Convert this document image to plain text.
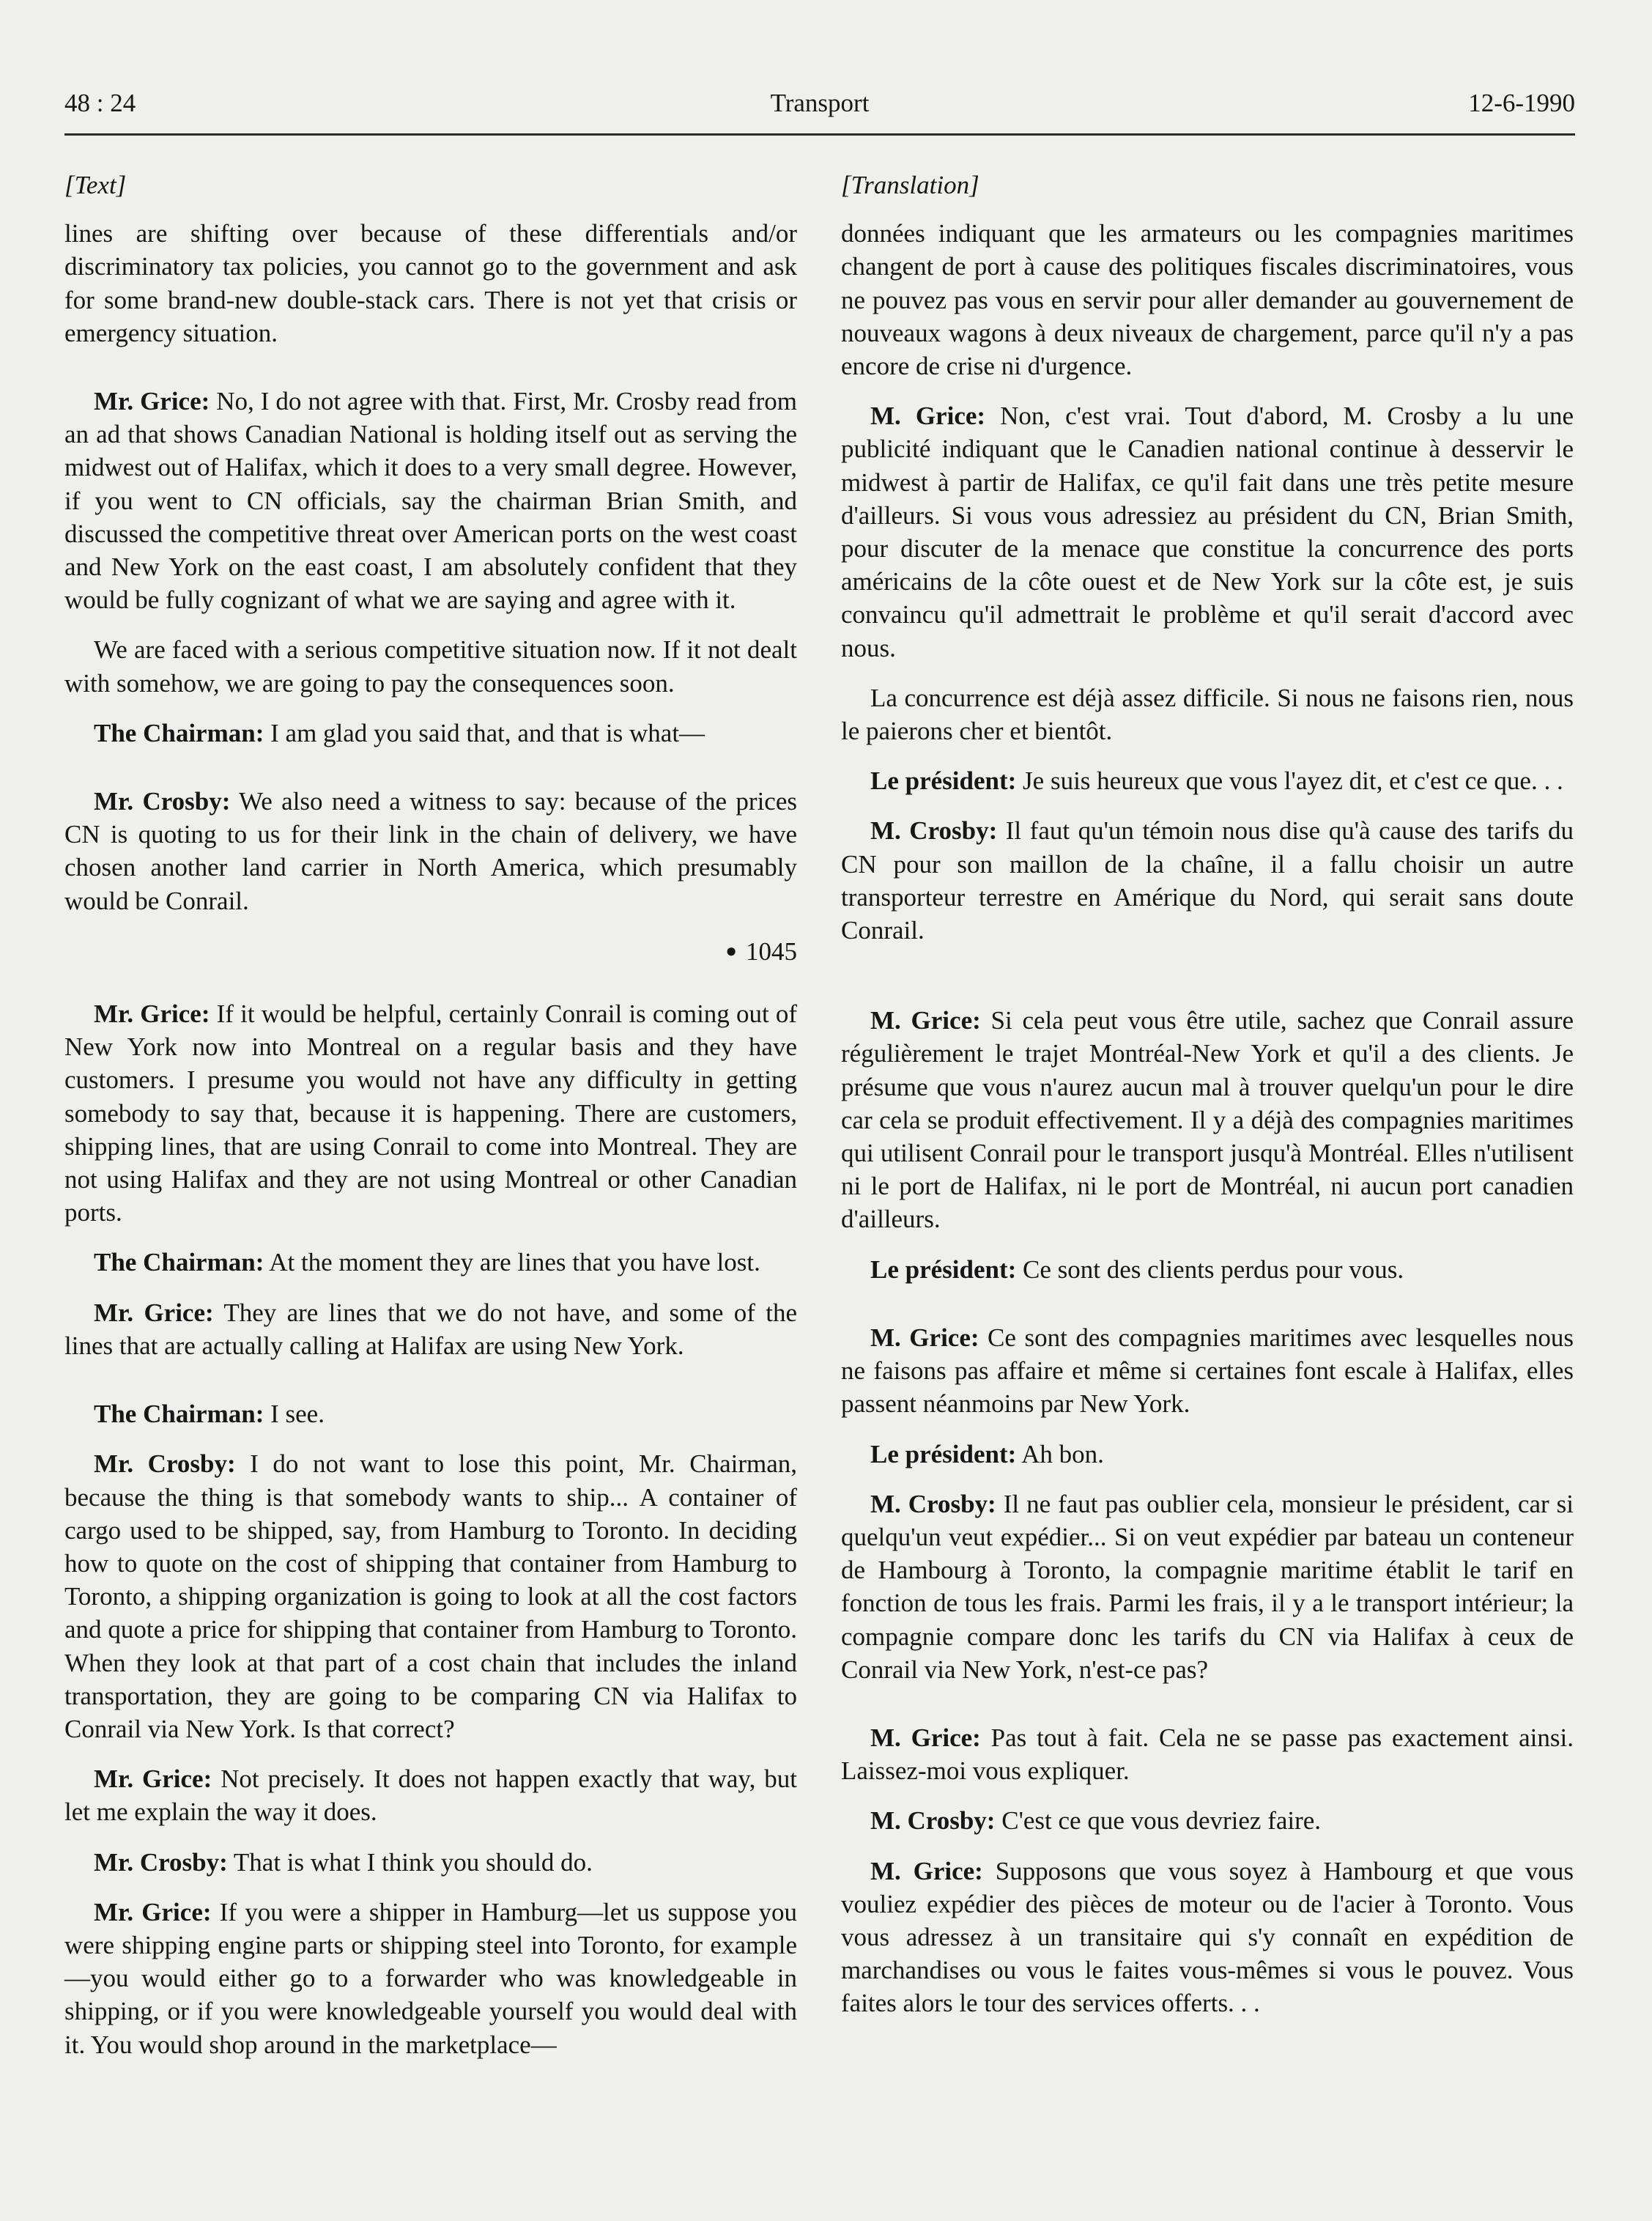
48 : 24	Transport	12-6-1990
[Text]

lines are shifting over because of these differentials and/or discriminatory tax policies, you cannot go to the government and ask for some brand-new double-stack cars. There is not yet that crisis or emergency situation.

Mr. Grice: No, I do not agree with that. First, Mr. Crosby read from an ad that shows Canadian National is holding itself out as serving the midwest out of Halifax, which it does to a very small degree. However, if you went to CN officials, say the chairman Brian Smith, and discussed the competitive threat over American ports on the west coast and New York on the east coast, I am absolutely confident that they would be fully cognizant of what we are saying and agree with it.

We are faced with a serious competitive situation now. If it not dealt with somehow, we are going to pay the consequences soon.

The Chairman: I am glad you said that, and that is what—

Mr. Crosby: We also need a witness to say: because of the prices CN is quoting to us for their link in the chain of delivery, we have chosen another land carrier in North America, which presumably would be Conrail.

● 1045

Mr. Grice: If it would be helpful, certainly Conrail is coming out of New York now into Montreal on a regular basis and they have customers. I presume you would not have any difficulty in getting somebody to say that, because it is happening. There are customers, shipping lines, that are using Conrail to come into Montreal. They are not using Halifax and they are not using Montreal or other Canadian ports.

The Chairman: At the moment they are lines that you have lost.

Mr. Grice: They are lines that we do not have, and some of the lines that are actually calling at Halifax are using New York.

The Chairman: I see.

Mr. Crosby: I do not want to lose this point, Mr. Chairman, because the thing is that somebody wants to ship... A container of cargo used to be shipped, say, from Hamburg to Toronto. In deciding how to quote on the cost of shipping that container from Hamburg to Toronto, a shipping organization is going to look at all the cost factors and quote a price for shipping that container from Hamburg to Toronto. When they look at that part of a cost chain that includes the inland transportation, they are going to be comparing CN via Halifax to Conrail via New York. Is that correct?

Mr. Grice: Not precisely. It does not happen exactly that way, but let me explain the way it does.

Mr. Crosby: That is what I think you should do.

Mr. Grice: If you were a shipper in Hamburg—let us suppose you were shipping engine parts or shipping steel into Toronto, for example—you would either go to a forwarder who was knowledgeable in shipping, or if you were knowledgeable yourself you would deal with it. You would shop around in the marketplace—

[Translation]

données indiquant que les armateurs ou les compagnies maritimes changent de port à cause des politiques fiscales discriminatoires, vous ne pouvez pas vous en servir pour aller demander au gouvernement de nouveaux wagons à deux niveaux de chargement, parce qu'il n'y a pas encore de crise ni d'urgence.

M. Grice: Non, c'est vrai. Tout d'abord, M. Crosby a lu une publicité indiquant que le Canadien national continue à desservir le midwest à partir de Halifax, ce qu'il fait dans une très petite mesure d'ailleurs. Si vous vous adressiez au président du CN, Brian Smith, pour discuter de la menace que constitue la concurrence des ports américains de la côte ouest et de New York sur la côte est, je suis convaincu qu'il admettrait le problème et qu'il serait d'accord avec nous.

La concurrence est déjà assez difficile. Si nous ne faisons rien, nous le paierons cher et bientôt.

Le président: Je suis heureux que vous l'ayez dit, et c'est ce que. . .

M. Crosby: Il faut qu'un témoin nous dise qu'à cause des tarifs du CN pour son maillon de la chaîne, il a fallu choisir un autre transporteur terrestre en Amérique du Nord, qui serait sans doute Conrail.

M. Grice: Si cela peut vous être utile, sachez que Conrail assure régulièrement le trajet Montréal-New York et qu'il a des clients. Je présume que vous n'aurez aucun mal à trouver quelqu'un pour le dire car cela se produit effectivement. Il y a déjà des compagnies maritimes qui utilisent Conrail pour le transport jusqu'à Montréal. Elles n'utilisent ni le port de Halifax, ni le port de Montréal, ni aucun port canadien d'ailleurs.

Le président: Ce sont des clients perdus pour vous.

M. Grice: Ce sont des compagnies maritimes avec lesquelles nous ne faisons pas affaire et même si certaines font escale à Halifax, elles passent néanmoins par New York.

Le président: Ah bon.

M. Crosby: Il ne faut pas oublier cela, monsieur le président, car si quelqu'un veut expédier... Si on veut expédier par bateau un conteneur de Hambourg à Toronto, la compagnie maritime établit le tarif en fonction de tous les frais. Parmi les frais, il y a le transport intérieur; la compagnie compare donc les tarifs du CN via Halifax à ceux de Conrail via New York, n'est-ce pas?

M. Grice: Pas tout à fait. Cela ne se passe pas exactement ainsi. Laissez-moi vous expliquer.

M. Crosby: C'est ce que vous devriez faire.

M. Grice: Supposons que vous soyez à Hambourg et que vous vouliez expédier des pièces de moteur ou de l'acier à Toronto. Vous vous adressez à un transitaire qui s'y connaît en expédition de marchandises ou vous le faites vous-mêmes si vous le pouvez. Vous faites alors le tour des services offerts. . .
